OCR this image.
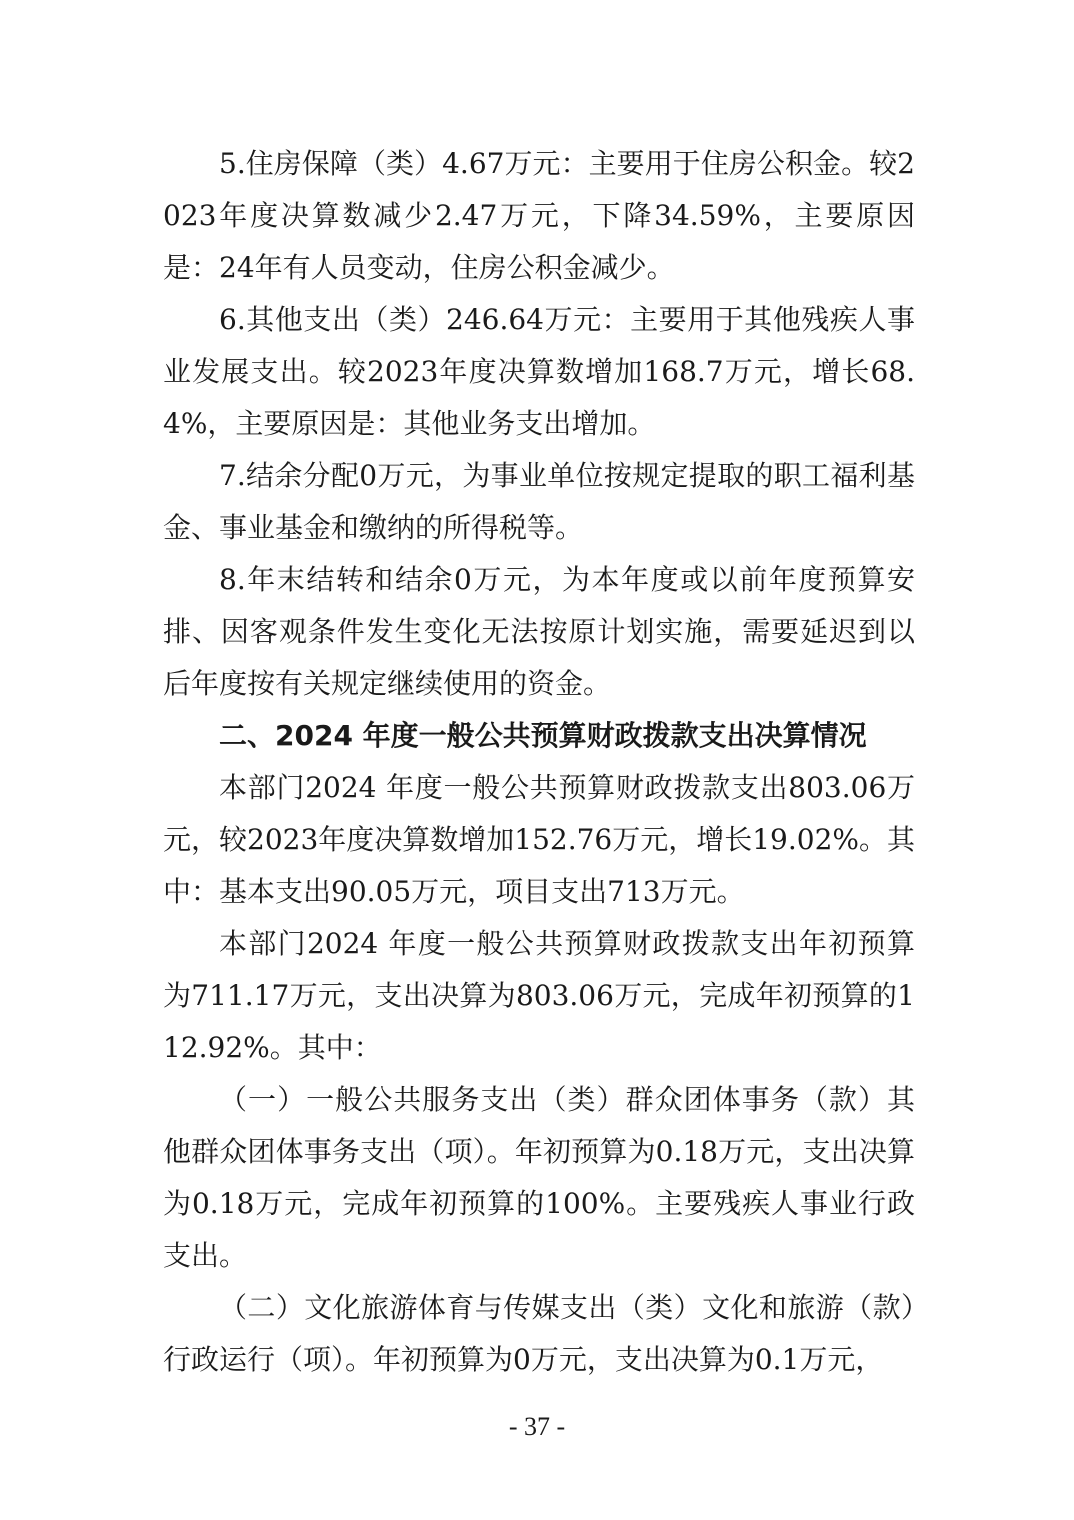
5.住房保障（类）4.67万元：主要用于住房公积金。较2023年度决算数减少2.47万元，下降34.59%，主要原因是：24年有人员变动，住房公积金减少。

6.其他支出（类）246.64万元：主要用于其他残疾人事业发展支出。较2023年度决算数增加168.7万元，增长68.4%，主要原因是：其他业务支出增加。

7.结余分配0万元，为事业单位按规定提取的职工福利基金、事业基金和缴纳的所得税等。

8.年末结转和结余0万元，为本年度或以前年度预算安排、因客观条件发生变化无法按原计划实施，需要延迟到以后年度按有关规定继续使用的资金。

二、2024 年度一般公共预算财政拨款支出决算情况

本部门2024 年度一般公共预算财政拨款支出803.06万元，较2023年度决算数增加152.76万元，增长19.02%。其中：基本支出90.05万元，项目支出713万元。

本部门2024 年度一般公共预算财政拨款支出年初预算为711.17万元，支出决算为803.06万元，完成年初预算的112.92%。其中：

（一）一般公共服务支出（类）群众团体事务（款）其他群众团体事务支出（项）。年初预算为0.18万元，支出决算为0.18万元，完成年初预算的100%。主要残疾人事业行政支出。

（二）文化旅游体育与传媒支出（类）文化和旅游（款）行政运行（项）。年初预算为0万元，支出决算为0.1万元，

- 37 -
